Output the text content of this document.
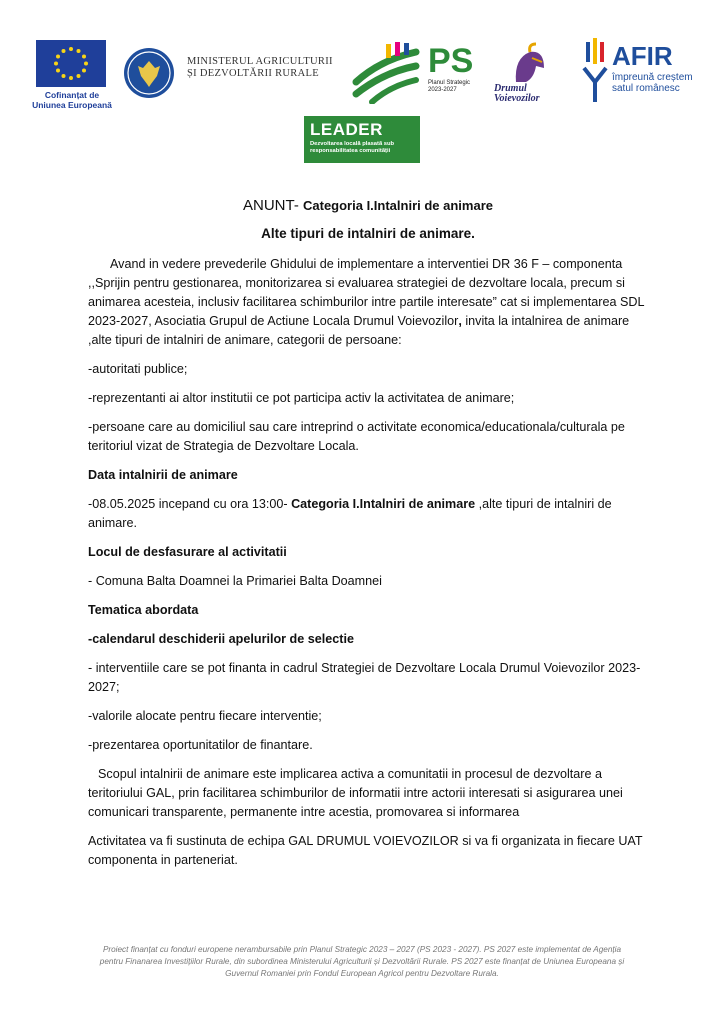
Cofinanțat de
Uniunea Europeană
MINISTERUL AGRICULTURII
ȘI DEZVOLTĂRII RURALE	PS
Planul Strategic
2023-2027	Drumul
Voievozilor
AFIR
împreună creștem
satul românesc
LEADER
Dezvoltarea locală plasată sub
responsabilitatea comunității
ANUNT- Categoria I.Intalniri de animare
Alte tipuri de intalniri de animare.

Avand in vedere prevederile Ghidului de implementare a interventiei DR 36 F – componenta ,,Sprijin pentru gestionarea, monitorizarea si evaluarea strategiei de dezvoltare locala, precum si animarea acesteia, inclusiv facilitarea schimburilor intre partile interesate” cat si implementarea SDL 2023-2027, Asociatia Grupul de Actiune Locala Drumul Voievozilor, invita la intalnirea de animare ,alte tipuri de intalniri de animare, categorii de persoane:

-autoritati publice;

-reprezentanti ai altor institutii ce pot participa activ la activitatea de animare;

-persoane care au domiciliul sau care intreprind o activitate economica/educationala/culturala pe teritoriul vizat de Strategia de Dezvoltare Locala.

Data intalnirii de animare

-08.05.2025 incepand cu ora 13:00- Categoria I.Intalniri de animare ,alte tipuri de intalniri de animare.

Locul de desfasurare al activitatii

- Comuna Balta Doamnei la Primariei Balta Doamnei

Tematica abordata

-calendarul deschiderii apelurilor de selectie

- interventiile care se pot finanta in cadrul Strategiei de Dezvoltare Locala Drumul Voievozilor 2023-2027;

-valorile alocate pentru fiecare interventie;

-prezentarea oportunitatilor de finantare.

Scopul intalnirii de animare este implicarea activa a comunitatii in procesul de dezvoltare a teritoriului GAL, prin facilitarea schimburilor de informatii intre actorii interesati si asigurarea unei comunicari transparente, permanente intre acestia, promovarea si informarea

Activitatea va fi sustinuta de echipa GAL DRUMUL VOIEVOZILOR si va fi organizata in fiecare UAT componenta in parteneriat.

Proiect finanțat cu fonduri europene nerambursabile prin Planul Strategic 2023 – 2027 (PS 2023 - 2027). PS 2027 este implementat de Agenția pentru Finanarea Investițiilor Rurale, din subordinea Ministerului Agriculturii și Dezvoltării Rurale. PS 2027 este finanțat de Uniunea Europeana și Guvernul Romaniei prin Fondul European Agricol pentru Dezvoltare Rurala.
